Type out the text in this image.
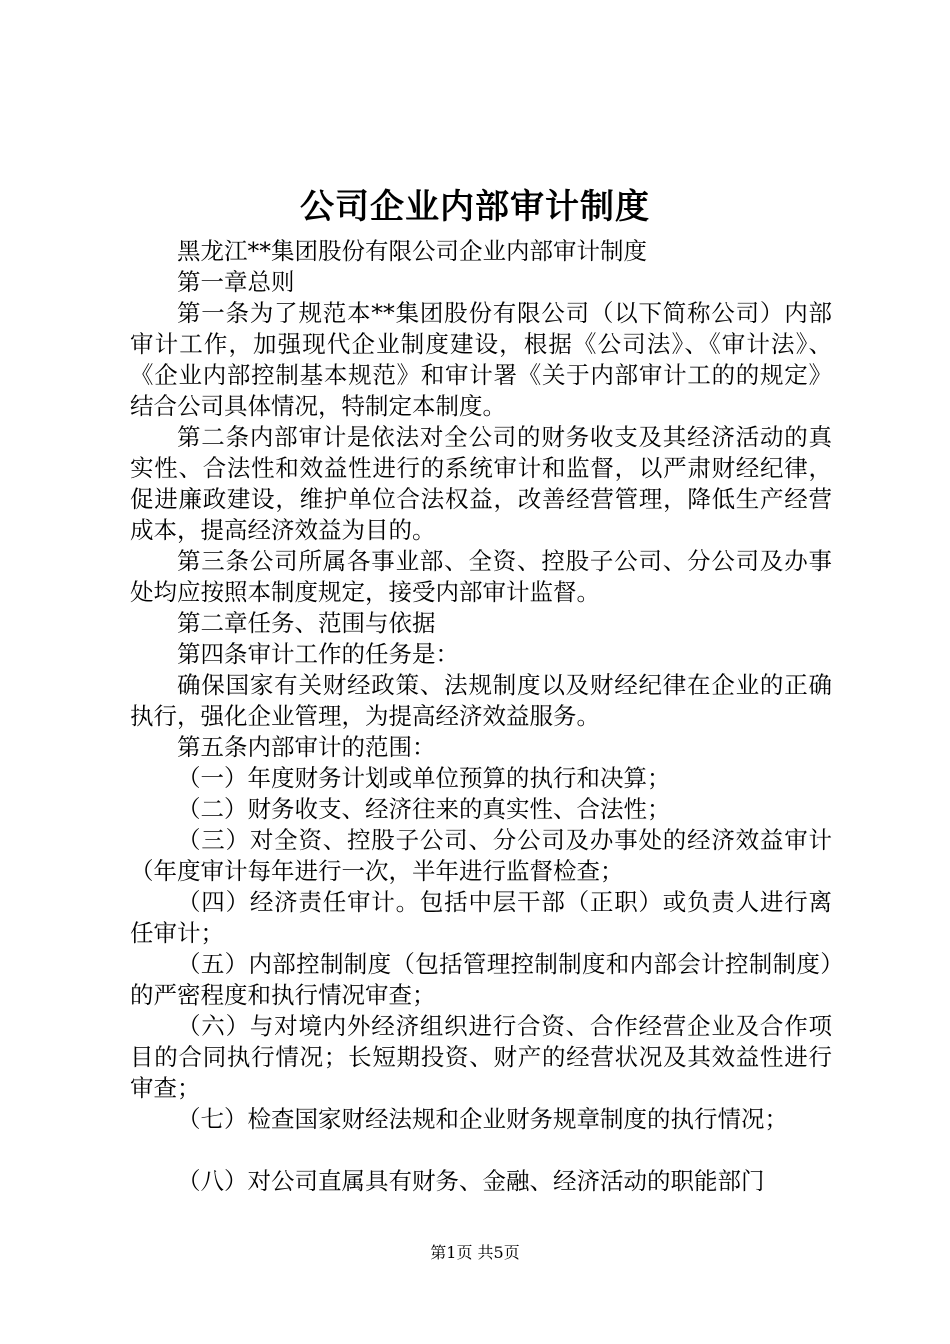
公司企业内部审计制度

黑龙江**集团股份有限公司企业内部审计制度

第一章总则

第一条为了规范本**集团股份有限公司（以下简称公司）内部审计工作，加强现代企业制度建设，根据《公司法》、《审计法》、《企业内部控制基本规范》和审计署《关于内部审计工的的规定》结合公司具体情况，特制定本制度。

第二条内部审计是依法对全公司的财务收支及其经济活动的真实性、合法性和效益性进行的系统审计和监督，以严肃财经纪律，促进廉政建设，维护单位合法权益，改善经营管理，降低生产经营成本，提高经济效益为目的。

第三条公司所属各事业部、全资、控股子公司、分公司及办事处均应按照本制度规定，接受内部审计监督。

第二章任务、范围与依据

第四条审计工作的任务是：

确保国家有关财经政策、法规制度以及财经纪律在企业的正确执行，强化企业管理，为提高经济效益服务。

第五条内部审计的范围：

（一）年度财务计划或单位预算的执行和决算；

（二）财务收支、经济往来的真实性、合法性；

（三）对全资、控股子公司、分公司及办事处的经济效益审计（年度审计每年进行一次，半年进行监督检查；

（四）经济责任审计。包括中层干部（正职）或负责人进行离任审计；

（五）内部控制制度（包括管理控制制度和内部会计控制制度）的严密程度和执行情况审查；

（六）与对境内外经济组织进行合资、合作经营企业及合作项目的合同执行情况；长短期投资、财产的经营状况及其效益性进行审查；

（七）检查国家财经法规和企业财务规章制度的执行情况；

（八）对公司直属具有财务、金融、经济活动的职能部门

第1页 共5页
